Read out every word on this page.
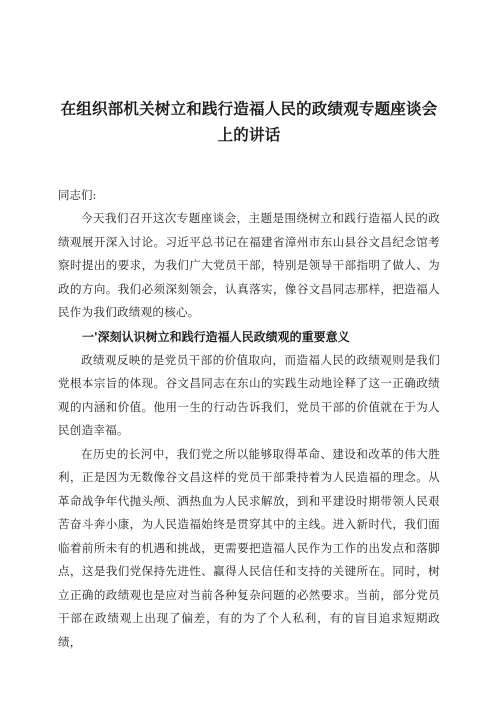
在组织部机关树立和践行造福人民的政绩观专题座谈会
上的讲话

同志们:

今天我们召开这次专题座谈会，主题是围绕树立和践行造福人民的政绩观展开深入讨论。习近平总书记在福建省漳州市东山县谷文昌纪念馆考察时提出的要求，为我们广大党员干部，特别是领导干部指明了做人、为政的方向。我们必须深刻领会，认真落实，像谷文昌同志那样，把造福人民作为我们政绩观的核心。

一'深刻认识树立和践行造福人民政绩观的重要意义

政绩观反映的是党员干部的价值取向，而造福人民的政绩观则是我们党根本宗旨的体现。谷文昌同志在东山的实践生动地诠释了这一正确政绩观的内涵和价值。他用一生的行动告诉我们，党员干部的价值就在于为人民创造幸福。

在历史的长河中，我们党之所以能够取得革命、建设和改革的伟大胜利，正是因为无数像谷文昌这样的党员干部秉持着为人民造福的理念。从革命战争年代抛头颅、洒热血为人民求解放，到和平建设时期带领人民艰苦奋斗奔小康，为人民造福始终是贯穿其中的主线。进入新时代，我们面临着前所未有的机遇和挑战，更需要把造福人民作为工作的出发点和落脚点，这是我们党保持先进性、赢得人民信任和支持的关键所在。同时，树立正确的政绩观也是应对当前各种复杂问题的必然要求。当前，部分党员干部在政绩观上出现了偏差，有的为了个人私利，有的盲目追求短期政绩，
